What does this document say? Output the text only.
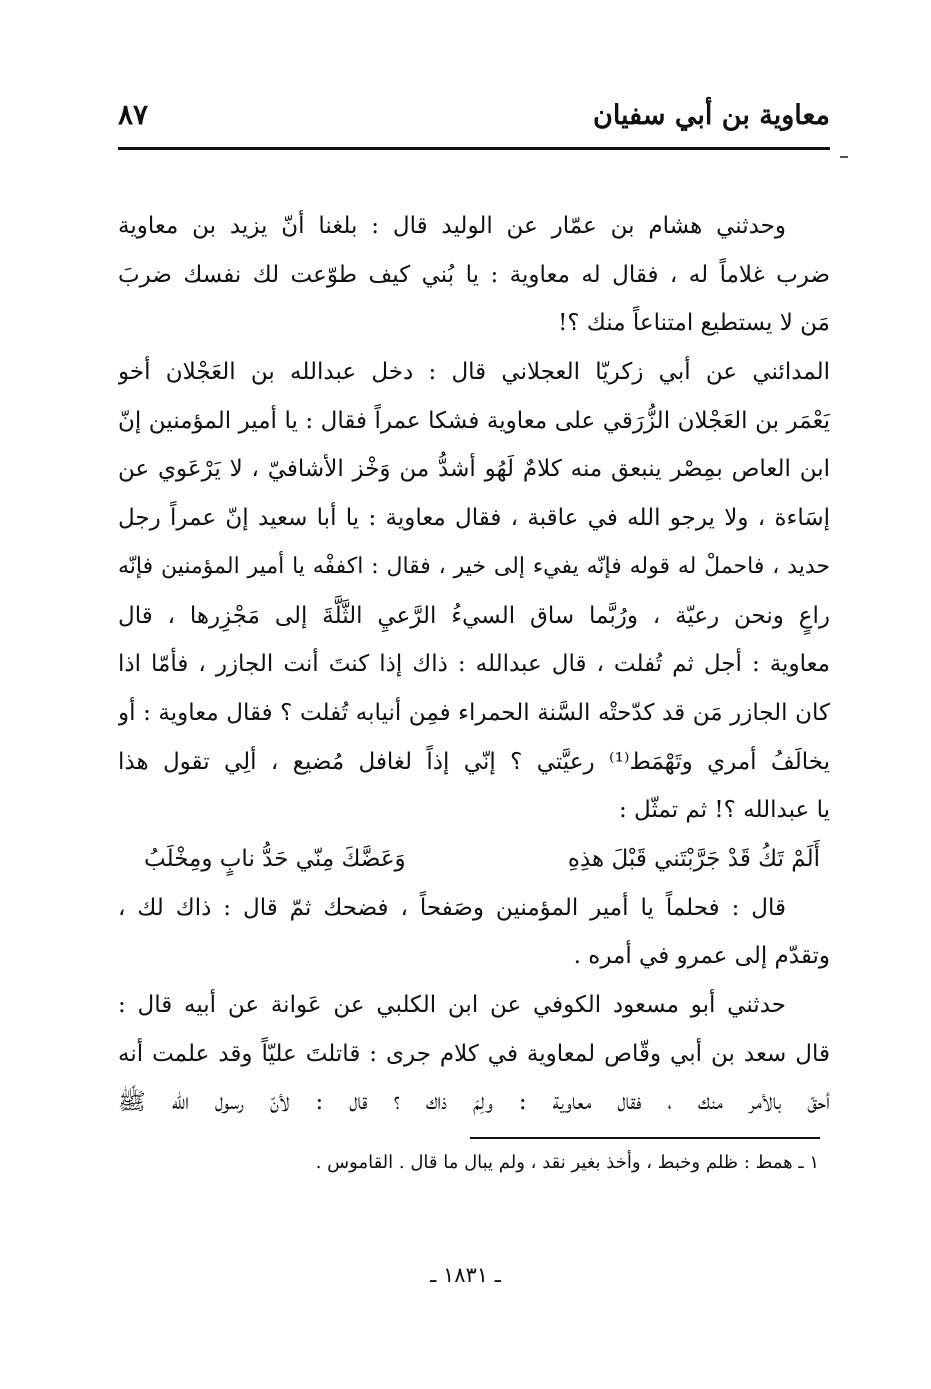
معاوية بن أبي سفيان
٨٧
وحدثني هشام بن عمّار عن الوليد قال : بلغنا أنّ يزيد بن معاوية
ضرب غلاماً له ، فقال له معاوية : يا بُني كيف طوّعت لك نفسك ضربَ
مَن لا يستطيع امتناعاً منك ؟!
المدائني عن أبي زكريّا العجلاني قال : دخل عبدالله بن العَجْلان أخو
يَعْمَر بن العَجْلان الزُّرَقي على معاوية فشكا عمراً فقال : يا أمير المؤمنين إنّ
ابن العاص بمِصْر ينبعق منه كلامٌ لَهُو أشدُّ من وَخْز الأشافيّ ، لا يَرْعَوي عن
إسَاءة ، ولا يرجو الله في عاقبة ، فقال معاوية : يا أبا سعيد إنّ عمراً رجل
حديد ، فاحملْ له قوله فإنّه يفيء إلى خير ، فقال : اكففْه يا أمير المؤمنين فإنّه
راعٍ ونحن رعيّة ، ورُبَّما ساق السيءُ الرَّعيِ الثَّلَّةَ إلى مَجْزِرها ، قال
معاوية : أجل ثم تُفلت ، قال عبدالله : ذاك إذا كنتَ أنت الجازر ، فأمّا اذا
كان الجازر مَن قد كدّحتْه السَّنة الحمراء فمِن أنيابه تُفلت ؟ فقال معاوية : أو
يخالَفُ أمري وتَهْمَط⁽¹⁾ رعيَّتي ؟ إنّي إذاً لغافل مُضيع ، ألِي تقول هذا
يا عبدالله ؟! ثم تمثّل :
أَلَمْ تَكُ قَدْ جَرَّبْتَني قَبْلَ هذِهِ وَعَضَّكَ مِنّي حَدُّ نابٍ ومِخْلَبُ
قال : فحلماً يا أمير المؤمنين وصَفحاً ، فضحك ثمّ قال : ذاك لك ،
وتقدّم إلى عمرو في أمره .
حدثني أبو مسعود الكوفي عن ابن الكلبي عن عَوانة عن أبيه قال :
قال سعد بن أبي وقّاص لمعاوية في كلام جرى : قاتلتَ عليّاً وقد علمت أنه
أحقّ بالأمر منك ، فقال معاوية : ولِمَ ذاك ؟ قال : لأنّ رسول الله ﷺ
١ ـ همط : ظلم وخبط ، وأخذ بغير نقد ، ولم يبال ما قال . القاموس .
ـ ١٨٣١ ـ
